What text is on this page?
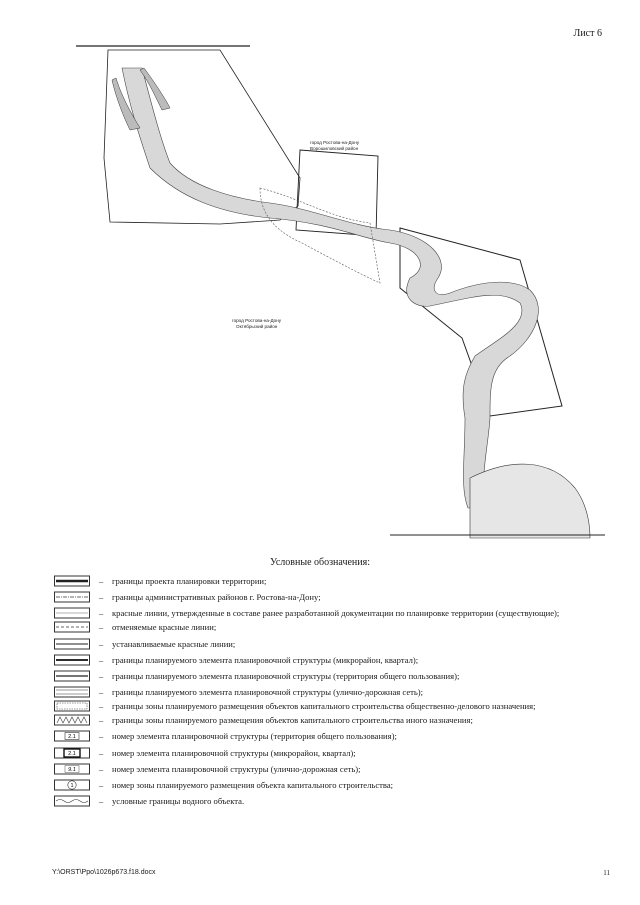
Лист 6
город Ростова-на-Дону
Ворошиловский район
город Ростова-на-Дону
Октябрьский район
Условные обозначения:
–	границы проекта планировки территории;
–	границы административных районов г. Ростова-на-Дону;
–	красные линии, утвержденные в составе ранее разработанной документации по планировке территории (существующие);
–	отменяемые красные линии;
–	устанавливаемые красные линии;
–	границы планируемого элемента планировочной структуры (микрорайон, квартал);
–	границы планируемого элемента планировочной структуры (территория общего пользования);
–	границы планируемого элемента планировочной структуры (улично-дорожная сеть);
–	границы зоны планируемого размещения объектов капитального строительства общественно-делового назначения;
–	границы зоны планируемого размещения объектов капитального строительства иного назначения;
2.1	–	номер элемента планировочной структуры (территория общего пользования);
2.1	–	номер элемента планировочной структуры (микрорайон, квартал);
9.1	–	номер элемента планировочной структуры (улично-дорожная сеть);
1	–	номер зоны планируемого размещения объекта капитального строительства;
–	условные границы водного объекта.
Y:\ORST\Ppo\1026p673.f18.docx	11
